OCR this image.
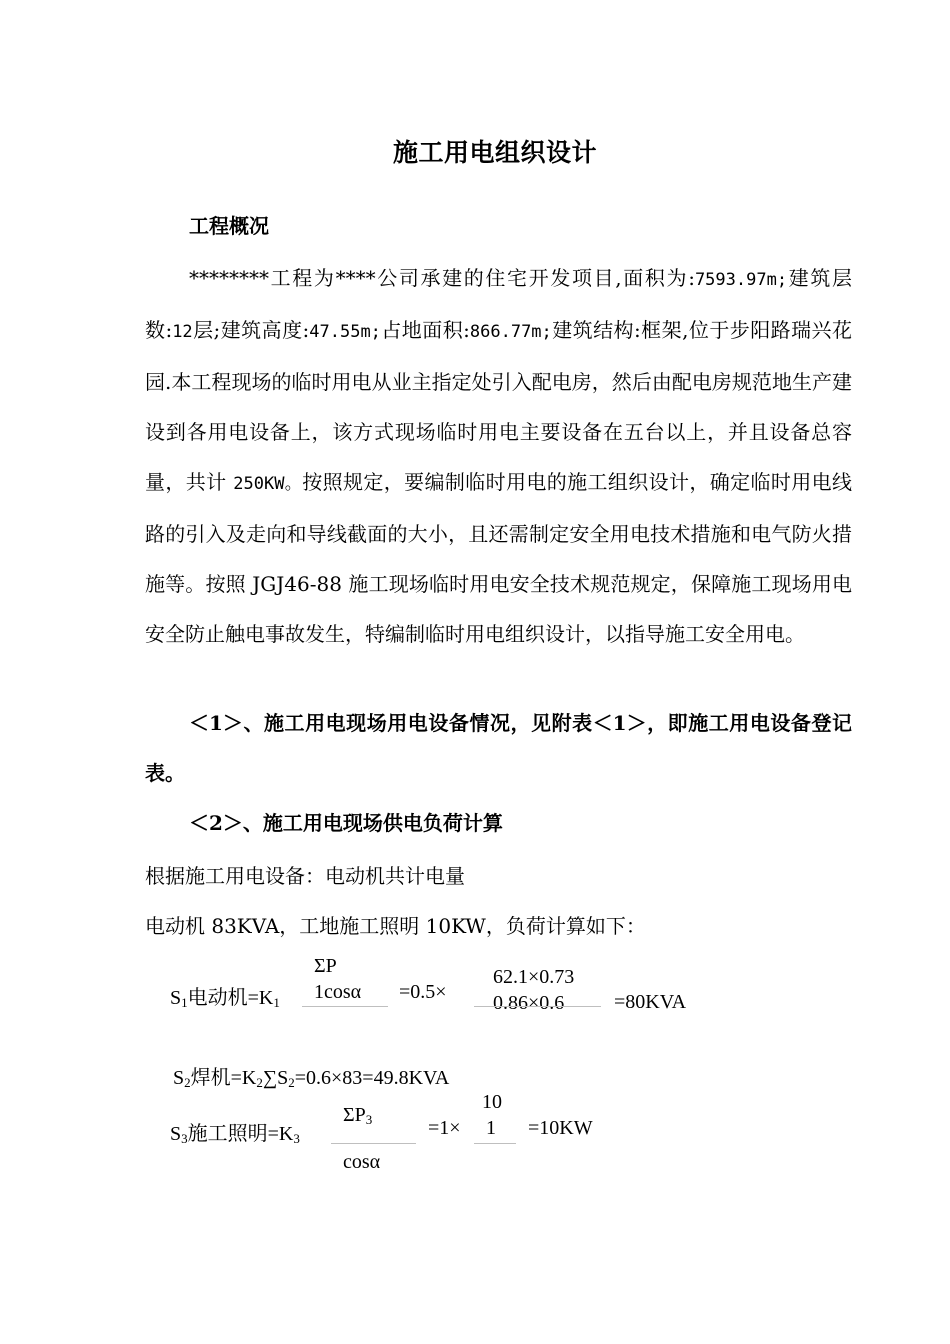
施工用电组织设计
工程概况

********工程为****公司承建的住宅开发项目,面积为:7593.97m;建筑层数:12层;建筑高度:47.55m;占地面积:866.77m;建筑结构:框架,位于步阳路瑞兴花园.本工程现场的临时用电从业主指定处引入配电房，然后由配电房规范地生产建设到各用电设备上，该方式现场临时用电主要设备在五台以上，并且设备总容量，共计 250KW。按照规定，要编制临时用电的施工组织设计，确定临时用电线路的引入及走向和导线截面的大小，且还需制定安全用电技术措施和电气防火措施等。按照 JGJ46-88 施工现场临时用电安全技术规范规定，保障施工现场用电安全防止触电事故发生，特编制临时用电组织设计，以指导施工安全用电。

＜1＞、施工用电现场用电设备情况，见附表＜1＞，即施工用电设备登记表。

＜2＞、施工用电现场供电负荷计算

根据施工用电设备：电动机共计电量
电动机 83KVA，工地施工照明 10KW，负荷计算如下：
$S_1$电动机$=K_1$
ΣP
1cosα =0.5×
62.1×0.73
0.86×0.6 =80KVA
$S_2$焊机$=K_2\sum S_2=0.6\times 83=49.8KVA$
$S_3$施工照明$=K_3$
$\Sigma P_3$
cosα
=1×
10
1 =10KW
